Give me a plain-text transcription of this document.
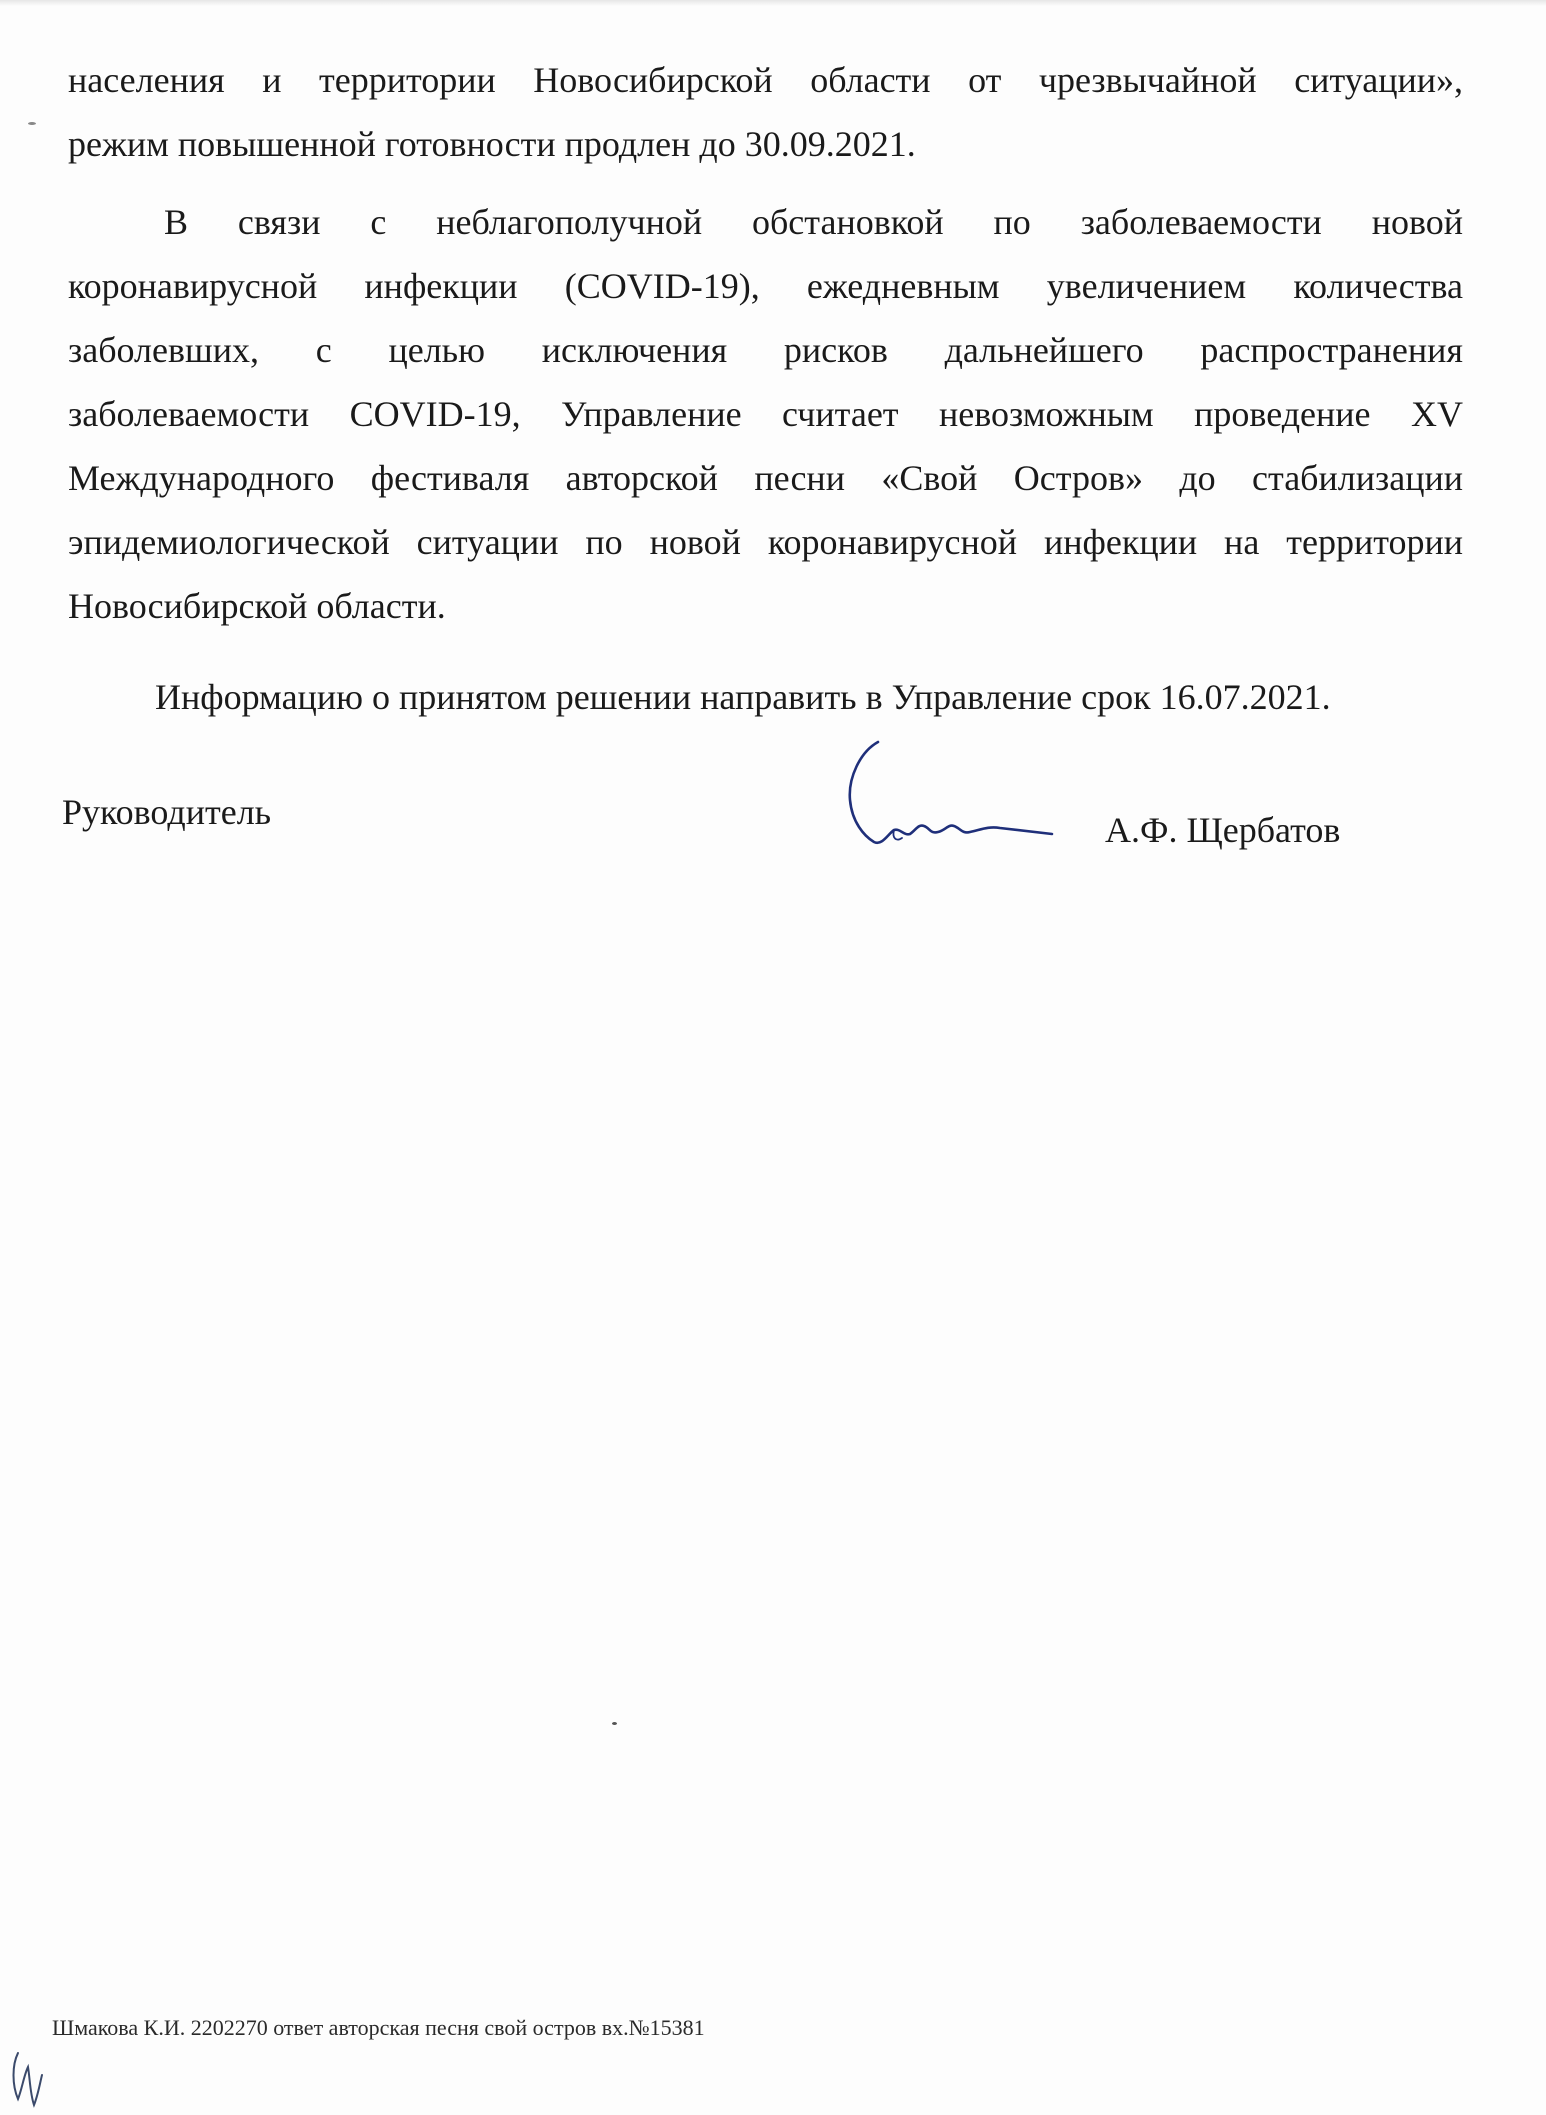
населения и территории Новосибирской области от чрезвычайной ситуации»,
режим повышенной готовности продлен до 30.09.2021.
В связи с неблагополучной обстановкой по заболеваемости новой
коронавирусной инфекции (COVID-19), ежедневным увеличением количества
заболевших, с целью исключения рисков дальнейшего распространения
заболеваемости COVID-19, Управление считает невозможным проведение XV
Международного фестиваля авторской песни «Свой Остров» до стабилизации
эпидемиологической ситуации по новой коронавирусной инфекции на территории
Новосибирской области.
Информацию о принятом решении направить в Управление срок 16.07.2021.
Руководитель	А.Ф. Щербатов
Шмакова К.И. 2202270 ответ авторская песня свой остров вх.№15381
